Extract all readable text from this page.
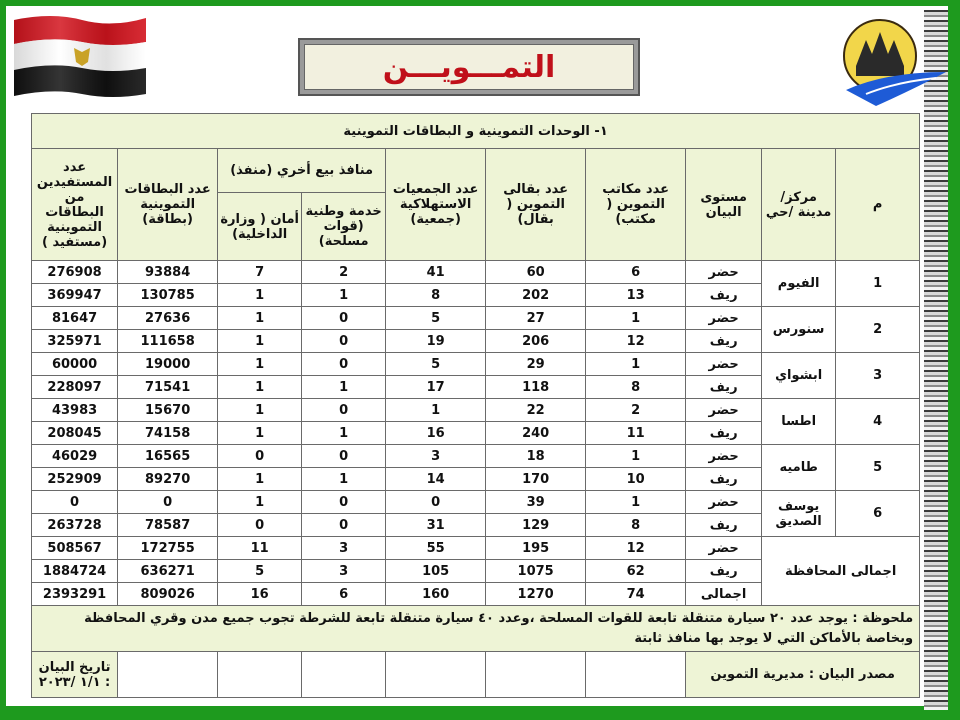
التمـــويـــن
١- الوحدات التموينية و البطاقات التموينية									
م	مركز/مدينة /حي	مستوى البيان	عدد مكاتب التموين ( مكتب)	عدد بقالى التموين ( بقال)	عدد الجمعيات الاستهلاكية (جمعية)	منافذ بيع أخري (منفذ)		عدد البطاقات التموينية (بطاقة)	عدد المستفيدين من البطاقات التموينية (مستفيد )
						خدمة وطنية (قوات مسلحة)	أمان ( وزارة الداخلية)		
1	الفيوم	حضر	6	60	41	2	7	93884	276908
		ريف	13	202	8	1	1	130785	369947
2	سنورس	حضر	1	27	5	0	1	27636	81647
		ريف	12	206	19	0	1	111658	325971
3	ابشواي	حضر	1	29	5	0	1	19000	60000
		ريف	8	118	17	1	1	71541	228097
4	اطسا	حضر	2	22	1	0	1	15670	43983
		ريف	11	240	16	1	1	74158	208045
5	طاميه	حضر	1	18	3	0	0	16565	46029
		ريف	10	170	14	1	1	89270	252909
6	يوسف الصديق	حضر	1	39	0	0	1	0	0
		ريف	8	129	31	0	0	78587	263728
اجمالى المحافظة		حضر	12	195	55	3	11	172755	508567
		ريف	62	1075	105	3	5	636271	1884724
		اجمالى	74	1270	160	6	16	809026	2393291
ملحوظة : يوجد عدد ٢٠ سيارة متنقلة تابعة للقوات المسلحة ،وعدد ٤٠ سيارة متنقلة تابعة للشرطة تجوب جميع مدن وقري المحافظة وبخاصة بالأماكن التي لا يوجد بها منافذ ثابتة									
مصدر البيان : مديرية التموين									تاريخ البيان : ١/١ /٢٠٢٣
